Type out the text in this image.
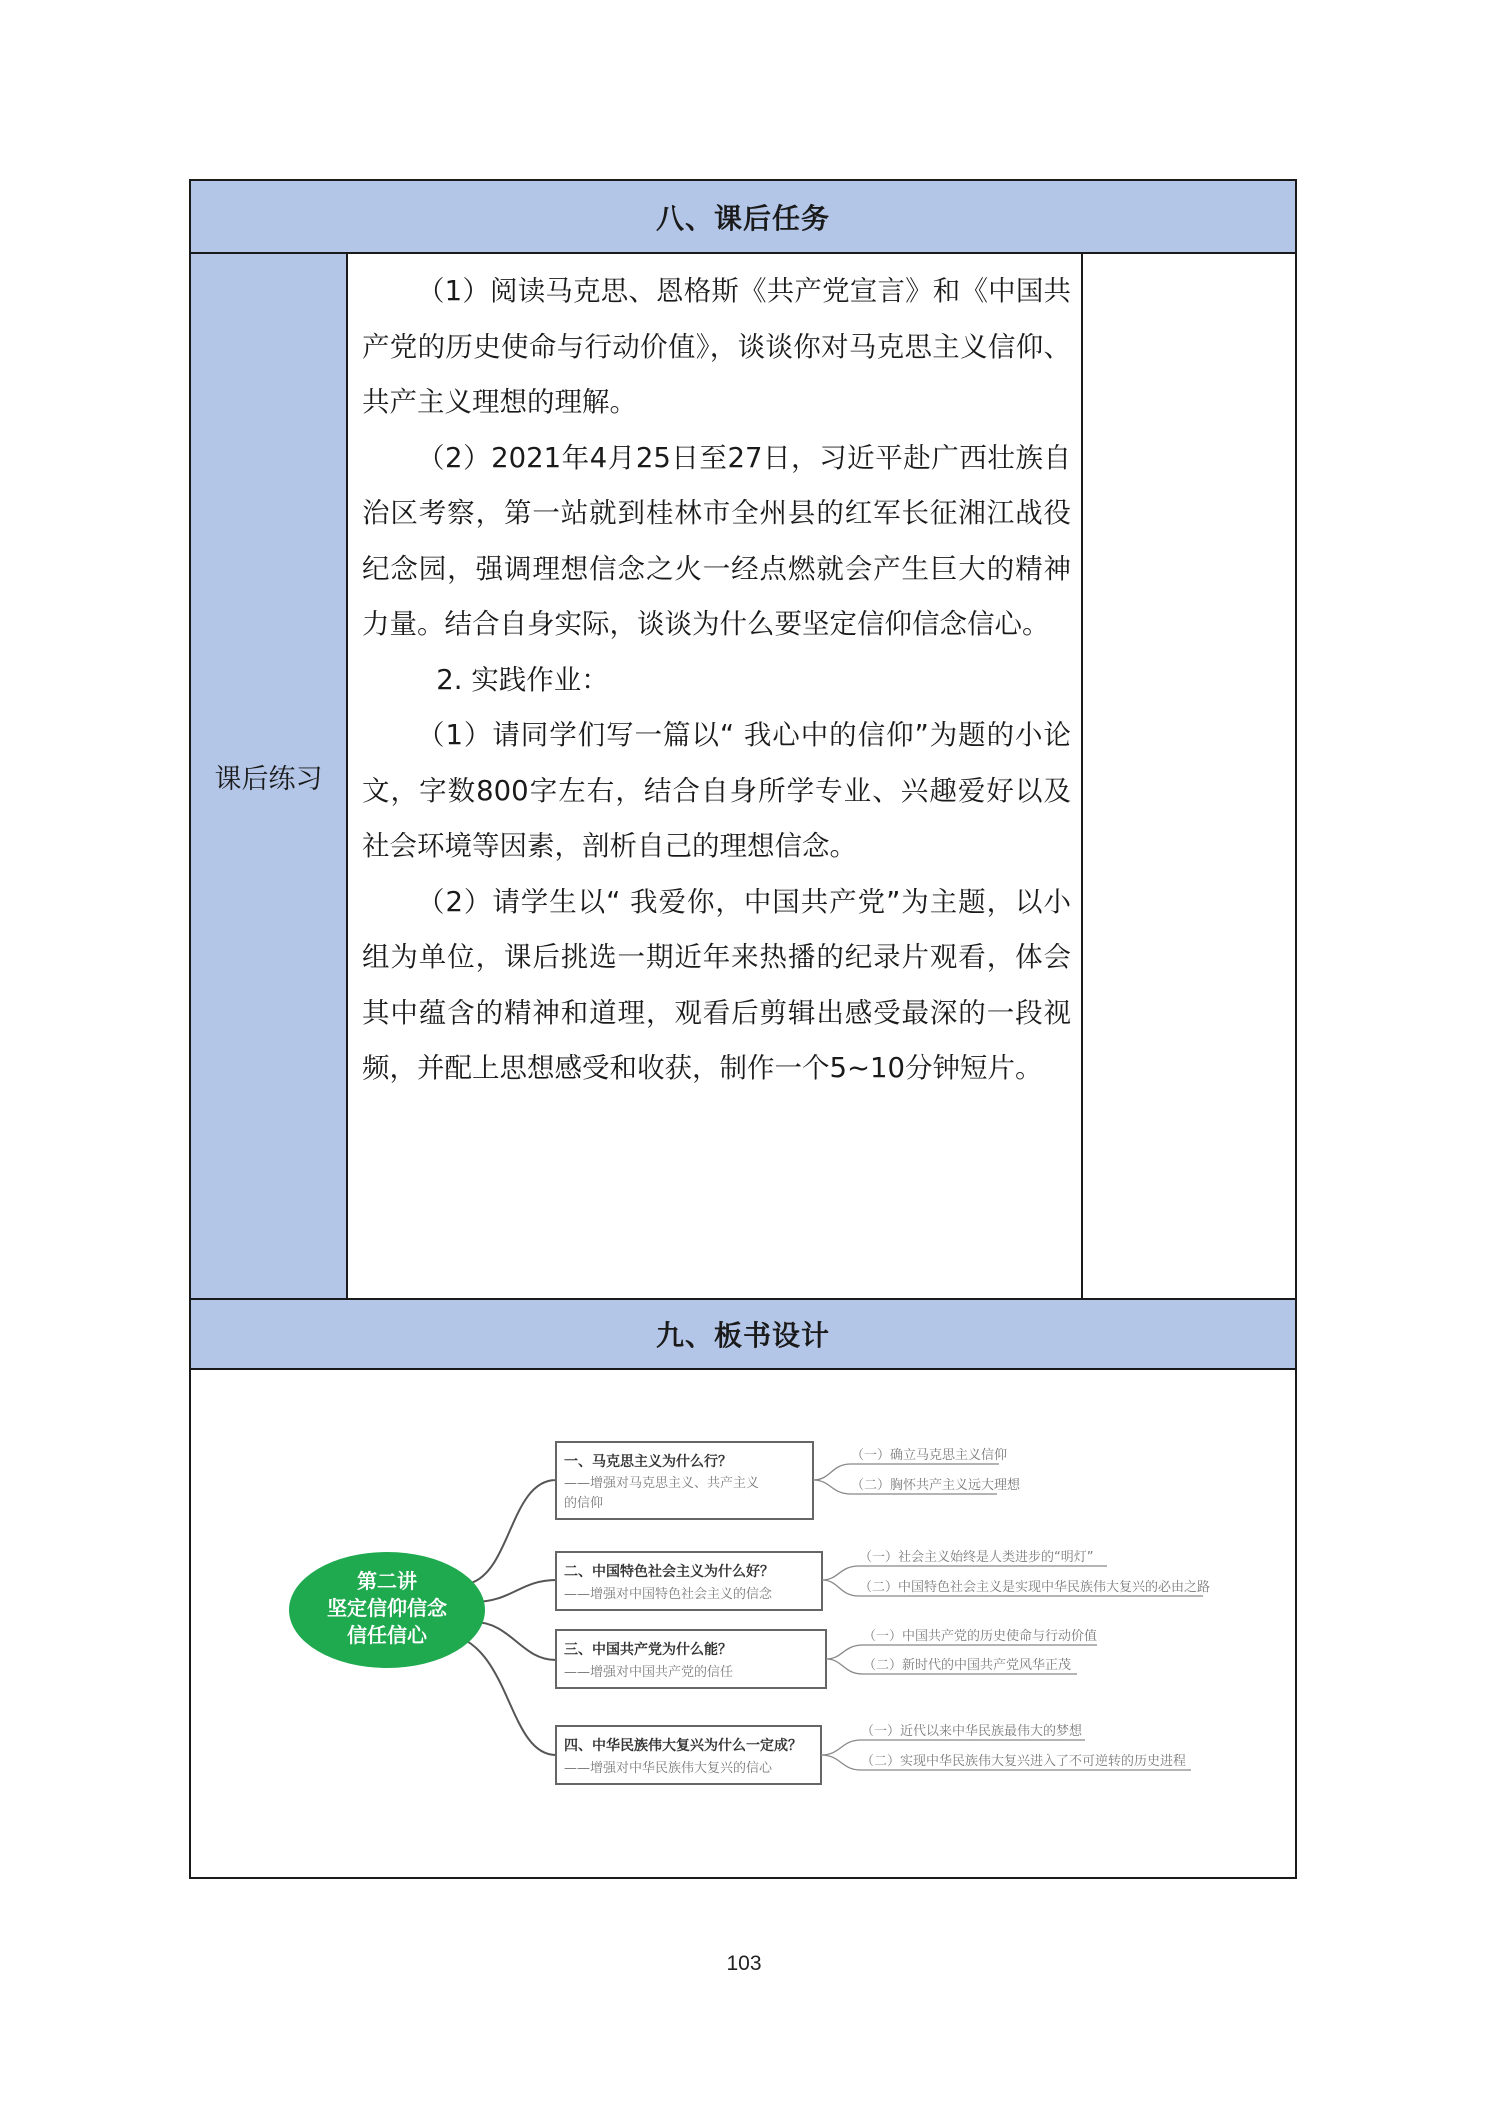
八、课后任务
课后练习

（1）阅读马克思、恩格斯《共产党宣言》和《中国共产党的历史使命与行动价值》，谈谈你对马克思主义信仰、共产主义理想的理解。

（2）2021年4月25日至27日，习近平赴广西壮族自治区考察，第一站就到桂林市全州县的红军长征湘江战役纪念园，强调理想信念之火一经点燃就会产生巨大的精神力量。结合自身实际，谈谈为什么要坚定信仰信念信心。

2. 实践作业：

（1）请同学们写一篇以“ 我心中的信仰”为题的小论文，字数800字左右，结合自身所学专业、兴趣爱好以及社会环境等因素，剖析自己的理想信念。

（2）请学生以“ 我爱你，中国共产党”为主题，以小组为单位，课后挑选一期近年来热播的纪录片观看，体会其中蕴含的精神和道理，观看后剪辑出感受最深的一段视频，并配上思想感受和收获，制作一个5~10分钟短片。

九、板书设计
第二讲
坚定信仰信念
信任信心
一、马克思主义为什么行？
——增强对马克思主义、共产主义
的信仰
（一）确立马克思主义信仰
（二）胸怀共产主义远大理想
二、中国特色社会主义为什么好？
——增强对中国特色社会主义的信念
（一）社会主义始终是人类进步的“明灯”
（二）中国特色社会主义是实现中华民族伟大复兴的必由之路
三、中国共产党为什么能？
——增强对中国共产党的信任
（一）中国共产党的历史使命与行动价值
（二）新时代的中国共产党风华正茂
四、中华民族伟大复兴为什么一定成？
——增强对中华民族伟大复兴的信心
（一）近代以来中华民族最伟大的梦想
（二）实现中华民族伟大复兴进入了不可逆转的历史进程
103
